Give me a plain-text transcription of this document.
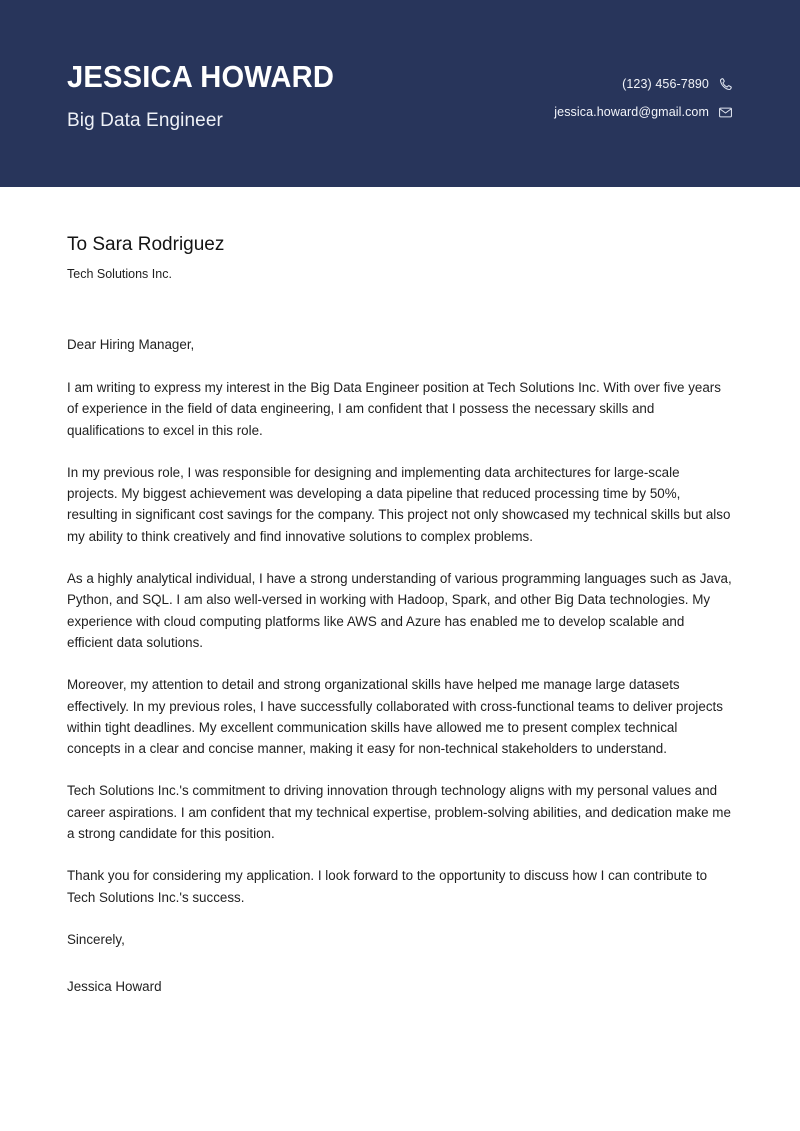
JESSICA HOWARD
Big Data Engineer
(123) 456-7890
jessica.howard@gmail.com
To Sara Rodriguez
Tech Solutions Inc.

Dear Hiring Manager,

I am writing to express my interest in the Big Data Engineer position at Tech Solutions Inc. With over five years of experience in the field of data engineering, I am confident that I possess the necessary skills and qualifications to excel in this role.

In my previous role, I was responsible for designing and implementing data architectures for large-scale projects. My biggest achievement was developing a data pipeline that reduced processing time by 50%, resulting in significant cost savings for the company. This project not only showcased my technical skills but also my ability to think creatively and find innovative solutions to complex problems.

As a highly analytical individual, I have a strong understanding of various programming languages such as Java, Python, and SQL. I am also well-versed in working with Hadoop, Spark, and other Big Data technologies. My experience with cloud computing platforms like AWS and Azure has enabled me to develop scalable and efficient data solutions.

Moreover, my attention to detail and strong organizational skills have helped me manage large datasets effectively. In my previous roles, I have successfully collaborated with cross-functional teams to deliver projects within tight deadlines. My excellent communication skills have allowed me to present complex technical concepts in a clear and concise manner, making it easy for non-technical stakeholders to understand.

Tech Solutions Inc.'s commitment to driving innovation through technology aligns with my personal values and career aspirations. I am confident that my technical expertise, problem-solving abilities, and dedication make me a strong candidate for this position.

Thank you for considering my application. I look forward to the opportunity to discuss how I can contribute to Tech Solutions Inc.'s success.

Sincerely,

Jessica Howard
